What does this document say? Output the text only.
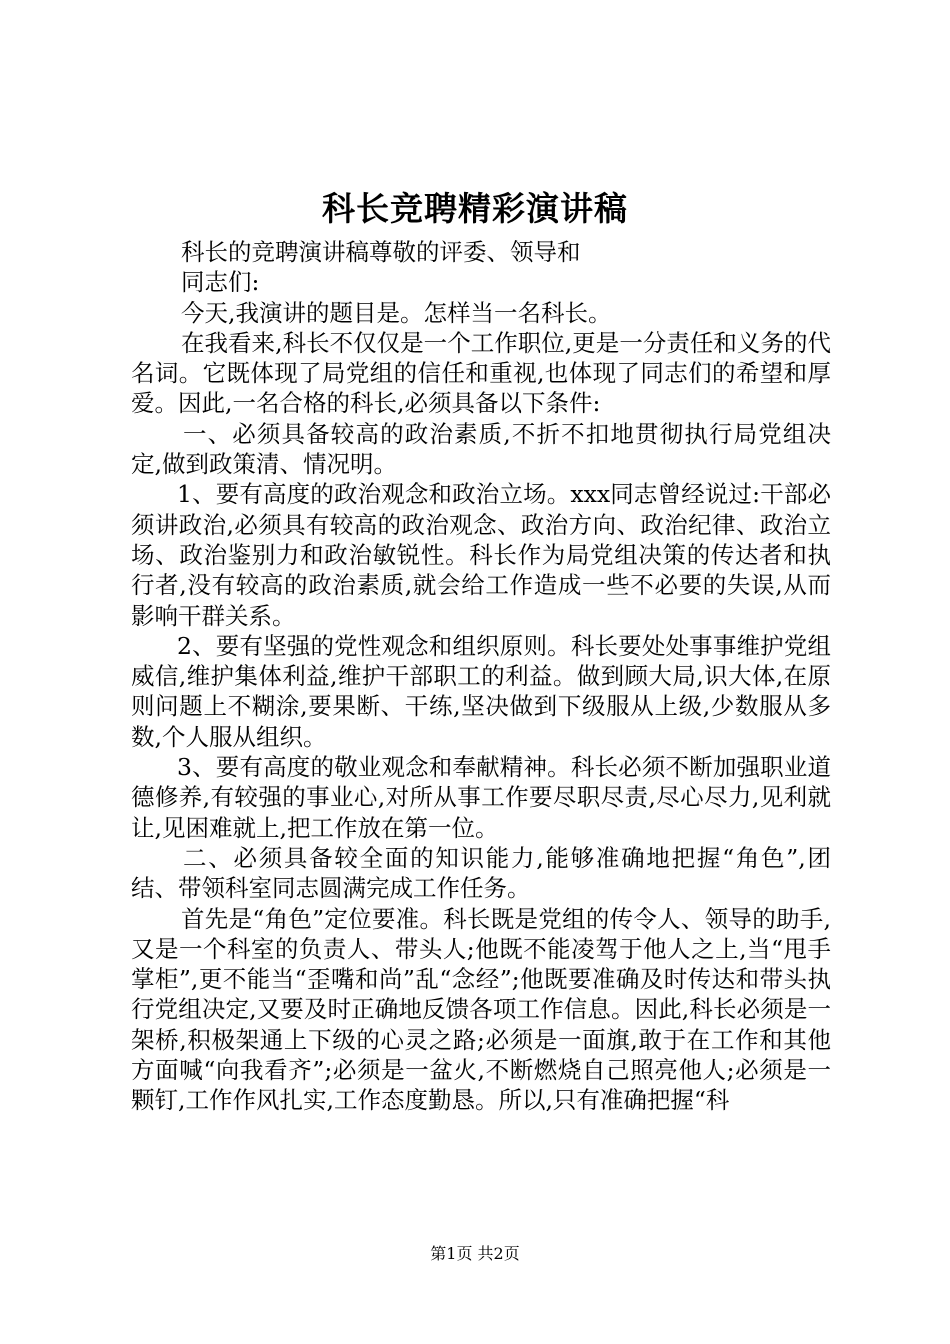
科长竞聘精彩演讲稿

科长的竞聘演讲稿尊敬的评委、领导和

同志们:

今天,我演讲的题目是。怎样当一名科长。

在我看来,科长不仅仅是一个工作职位,更是一分责任和义务的代名词。它既体现了局党组的信任和重视,也体现了同志们的希望和厚爱。因此,一名合格的科长,必须具备以下条件:

一、必须具备较高的政治素质,不折不扣地贯彻执行局党组决定,做到政策清、情况明。

1、要有高度的政治观念和政治立场。xxx同志曾经说过:干部必须讲政治,必须具有较高的政治观念、政治方向、政治纪律、政治立场、政治鉴别力和政治敏锐性。科长作为局党组决策的传达者和执行者,没有较高的政治素质,就会给工作造成一些不必要的失误,从而影响干群关系。

2、要有坚强的党性观念和组织原则。科长要处处事事维护党组威信,维护集体利益,维护干部职工的利益。做到顾大局,识大体,在原则问题上不糊涂,要果断、干练,坚决做到下级服从上级,少数服从多数,个人服从组织。

3、要有高度的敬业观念和奉献精神。科长必须不断加强职业道德修养,有较强的事业心,对所从事工作要尽职尽责,尽心尽力,见利就让,见困难就上,把工作放在第一位。

二、必须具备较全面的知识能力,能够准确地把握“角色”,团结、带领科室同志圆满完成工作任务。

首先是“角色”定位要准。科长既是党组的传令人、领导的助手,又是一个科室的负责人、带头人;他既不能凌驾于他人之上,当“甩手掌柜”,更不能当“歪嘴和尚”乱“念经”;他既要准确及时传达和带头执行党组决定,又要及时正确地反馈各项工作信息。因此,科长必须是一架桥,积极架通上下级的心灵之路;必须是一面旗,敢于在工作和其他方面喊“向我看齐”;必须是一盆火,不断燃烧自己照亮他人;必须是一颗钉,工作作风扎实,工作态度勤恳。所以,只有准确把握“科

第1页 共2页
